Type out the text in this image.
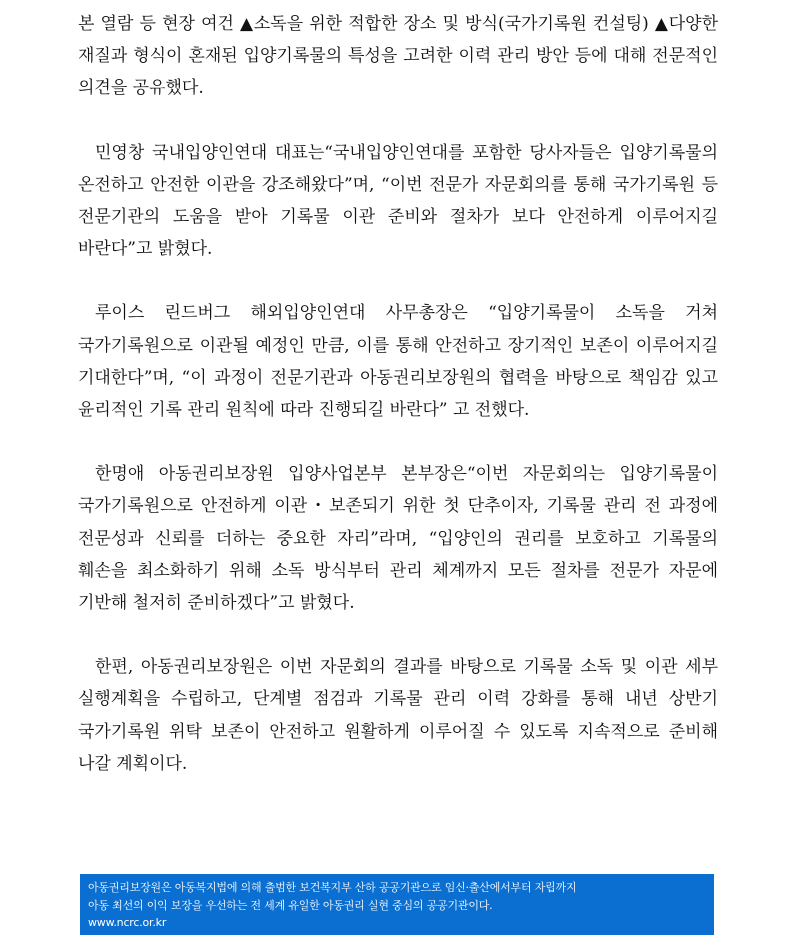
본 열람 등 현장 여건 ▲소독을 위한 적합한 장소 및 방식(국가기록원 컨설팅) ▲다양한 재질과 형식이 혼재된 입양기록물의 특성을 고려한 이력 관리 방안 등에 대해 전문적인 의견을 공유했다.

민영창 국내입양인연대 대표는“국내입양인연대를 포함한 당사자들은 입양기록물의 온전하고 안전한 이관을 강조해왔다”며, “이번 전문가 자문회의를 통해 국가기록원 등 전문기관의 도움을 받아 기록물 이관 준비와 절차가 보다 안전하게 이루어지길 바란다”고 밝혔다.

루이스 린드버그 해외입양인연대 사무총장은 “입양기록물이 소독을 거쳐 국가기록원으로 이관될 예정인 만큼, 이를 통해 안전하고 장기적인 보존이 이루어지길 기대한다”며, “이 과정이 전문기관과 아동권리보장원의 협력을 바탕으로 책임감 있고 윤리적인 기록 관리 원칙에 따라 진행되길 바란다” 고 전했다.

한명애 아동권리보장원 입양사업본부 본부장은“이번 자문회의는 입양기록물이 국가기록원으로 안전하게 이관・보존되기 위한 첫 단추이자, 기록물 관리 전 과정에 전문성과 신뢰를 더하는 중요한 자리”라며, “입양인의 권리를 보호하고 기록물의 훼손을 최소화하기 위해 소독 방식부터 관리 체계까지 모든 절차를 전문가 자문에 기반해 철저히 준비하겠다”고 밝혔다.

한편, 아동권리보장원은 이번 자문회의 결과를 바탕으로 기록물 소독 및 이관 세부 실행계획을 수립하고, 단계별 점검과 기록물 관리 이력 강화를 통해 내년 상반기 국가기록원 위탁 보존이 안전하고 원활하게 이루어질 수 있도록 지속적으로 준비해 나갈 계획이다.

아동권리보장원은 아동복지법에 의해 출범한 보건복지부 산하 공공기관으로 임신·출산에서부터 자립까지
아동 최선의 이익 보장을 우선하는 전 세계 유일한 아동권리 실현 중심의 공공기관이다.
www.ncrc.or.kr
